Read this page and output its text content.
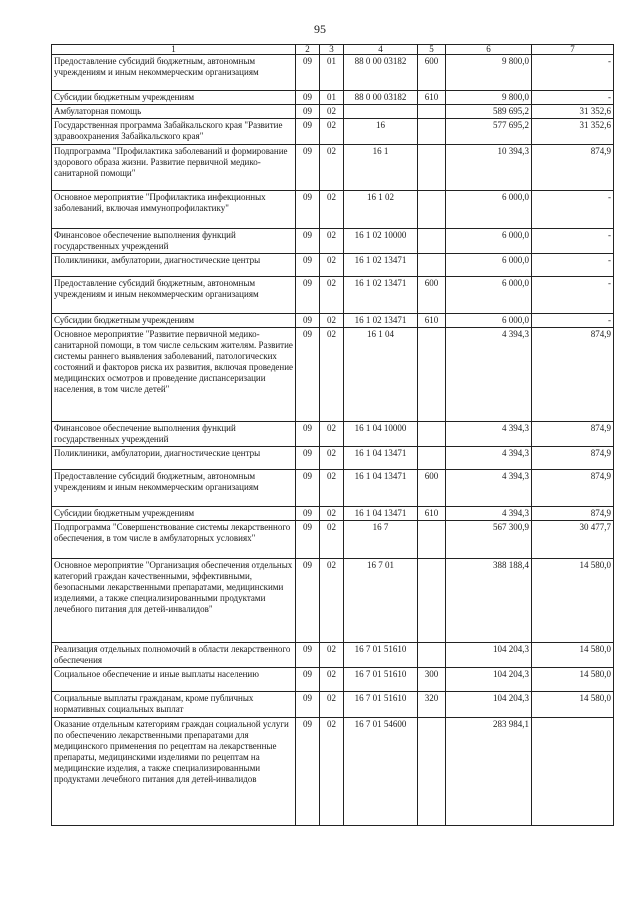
95
1	2	3	4	5	6	7
Предоставление субсидий бюджетным, автономным учреждениям и иным некоммерческим организациям	09	01	88 0 00 03182	600	9 800,0	-
Субсидии бюджетным учреждениям	09	01	88 0 00 03182	610	9 800,0	-
Амбулаторная помощь	09	02			589 695,2	31 352,6
Государственная программа Забайкальского края "Развитие здравоохранения Забайкальского края"	09	02	16		577 695,2	31 352,6
Подпрограмма "Профилактика заболеваний и формирование здорового образа жизни. Развитие первичной медико-санитарной помощи"	09	02	16 1		10 394,3	874,9
Основное мероприятие "Профилактика инфекционных заболеваний, включая иммунопрофилактику"	09	02	16 1 02		6 000,0	-
Финансовое обеспечение выполнения функций государственных учреждений	09	02	16 1 02 10000		6 000,0	-
Поликлиники, амбулатории, диагностические центры	09	02	16 1 02 13471		6 000,0	-
Предоставление субсидий бюджетным, автономным учреждениям и иным некоммерческим организациям	09	02	16 1 02 13471	600	6 000,0	-
Субсидии бюджетным учреждениям	09	02	16 1 02 13471	610	6 000,0	-
Основное мероприятие "Развитие первичной медико-санитарной помощи, в том числе сельским жителям. Развитие системы раннего выявления заболеваний, патологических состояний и факторов риска их развития, включая проведение медицинских осмотров и проведение диспансеризации населения, в том числе детей"	09	02	16 1 04		4 394,3	874,9
Финансовое обеспечение выполнения функций государственных учреждений	09	02	16 1 04 10000		4 394,3	874,9
Поликлиники, амбулатории, диагностические центры	09	02	16 1 04 13471		4 394,3	874,9
Предоставление субсидий бюджетным, автономным учреждениям и иным некоммерческим организациям	09	02	16 1 04 13471	600	4 394,3	874,9
Субсидии бюджетным учреждениям	09	02	16 1 04 13471	610	4 394,3	874,9
Подпрограмма "Совершенствование системы лекарственного обеспечения, в том числе в амбулаторных условиях"	09	02	16 7		567 300,9	30 477,7
Основное мероприятие "Организация обеспечения отдельных категорий граждан качественными, эффективными, безопасными лекарственными препаратами, медицинскими изделиями, а также специализированными продуктами лечебного питания для детей-инвалидов"	09	02	16 7 01		388 188,4	14 580,0
Реализация отдельных полномочий в области лекарственного обеспечения	09	02	16 7 01 51610		104 204,3	14 580,0
Социальное обеспечение и иные выплаты населению	09	02	16 7 01 51610	300	104 204,3	14 580,0
Социальные выплаты гражданам, кроме публичных нормативных социальных выплат	09	02	16 7 01 51610	320	104 204,3	14 580,0
Оказание отдельным категориям граждан социальной услуги по обеспечению лекарственными препаратами для медицинского применения по рецептам на лекарственные препараты, медицинскими изделиями по рецептам на медицинские изделия, а также специализированными продуктами лечебного питания для детей-инвалидов	09	02	16 7 01 54600		283 984,1	
